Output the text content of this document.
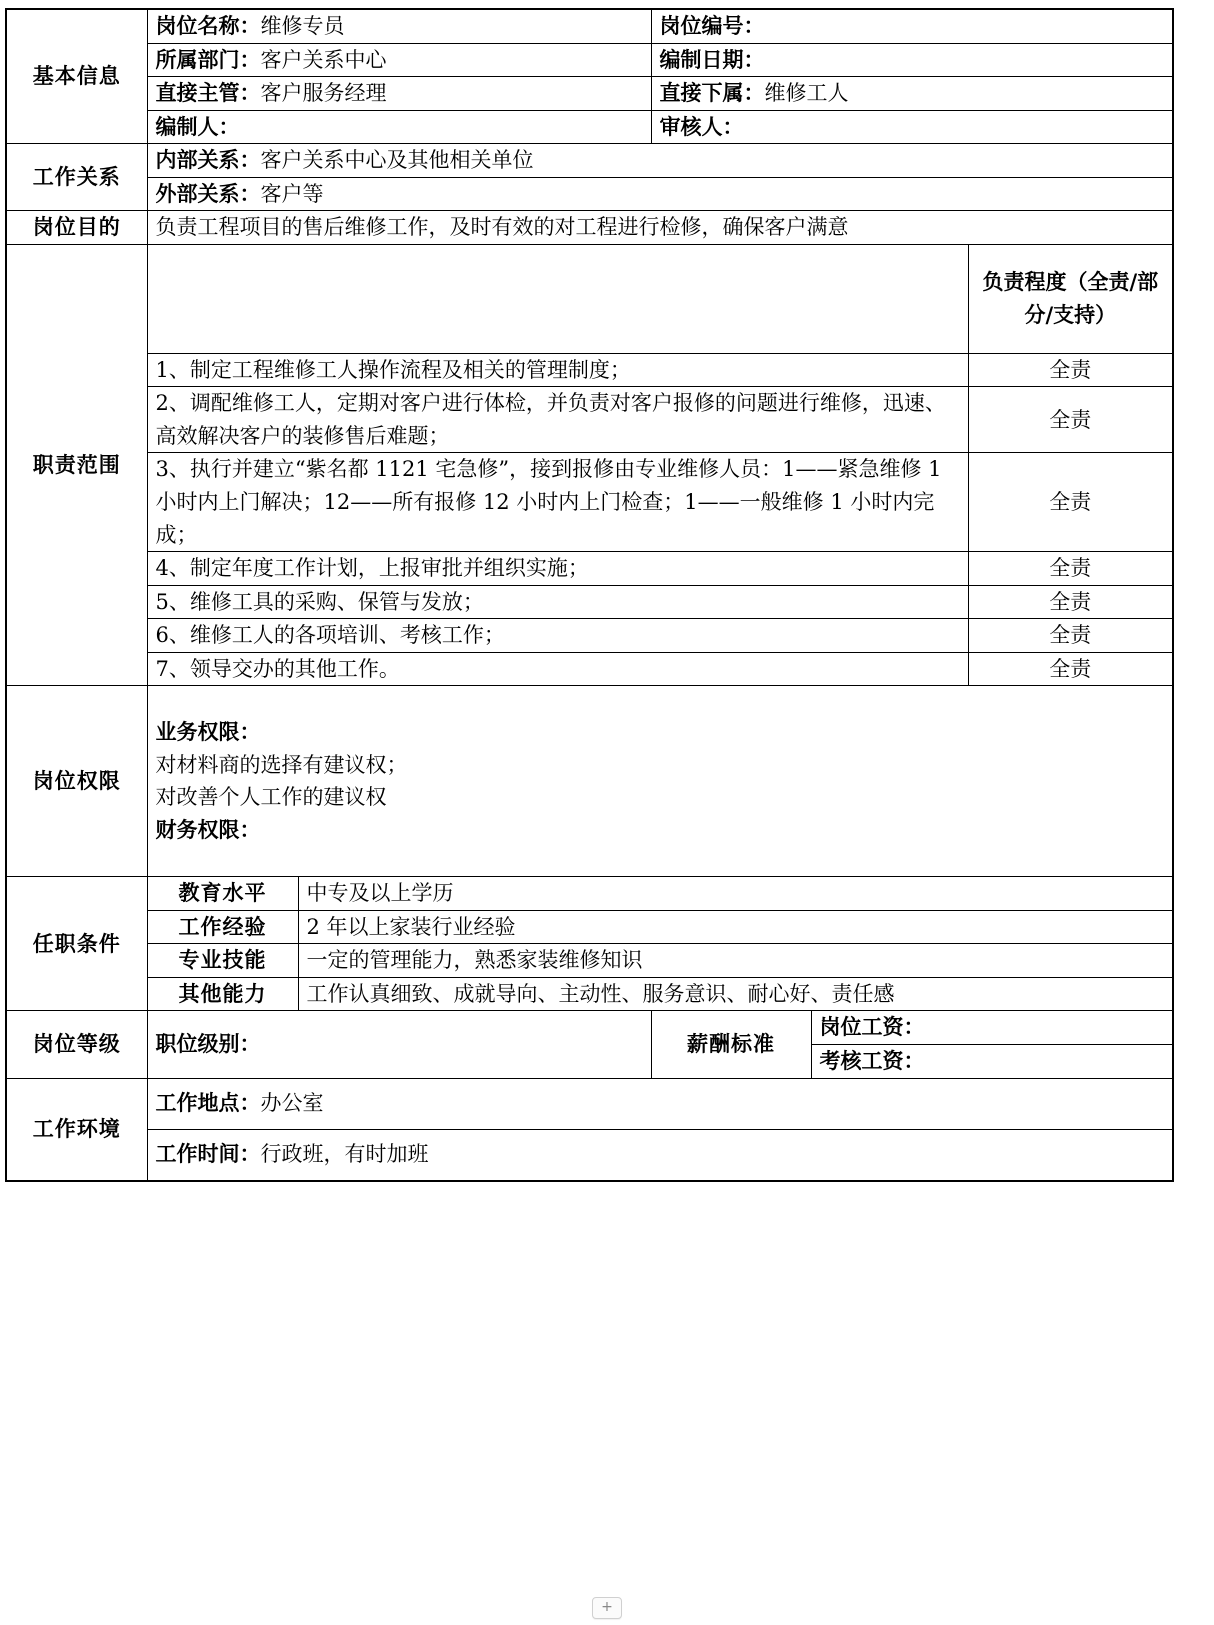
基本信息	岗位名称：维修专员		岗位编号：		
	所属部门：客户关系中心		编制日期：		
	直接主管：客户服务经理		直接下属：维修工人		
	编制人：		审核人：		
工作关系	内部关系：客户关系中心及其他相关单位				
	外部关系：客户等				
岗位目的	负责工程项目的售后维修工作，及时有效的对工程进行检修，确保客户满意				
职责范围					负责程度（全责/部分/支持）
	1、制定工程维修工人操作流程及相关的管理制度；				全责
	2、调配维修工人，定期对客户进行体检，并负责对客户报修的问题进行维修，迅速、高效解决客户的装修售后难题；				全责
	3、执行并建立“紫名都 1121 宅急修”，接到报修由专业维修人员：1——紧急维修 1 小时内上门解决；12——所有报修 12 小时内上门检查；1——一般维修 1 小时内完成；				全责
	4、制定年度工作计划，上报审批并组织实施；				全责
	5、维修工具的采购、保管与发放；				全责
	6、维修工人的各项培训、考核工作；				全责
	7、领导交办的其他工作。				全责
岗位权限	业务权限：
对材料商的选择有建议权；
对改善个人工作的建议权
财务权限：				

任职条件	教育水平	中专及以上学历			
	工作经验	2 年以上家装行业经验			
	专业技能	一定的管理能力，熟悉家装维修知识			
	其他能力	工作认真细致、成就导向、主动性、服务意识、耐心好、责任感			
岗位等级	职位级别：		薪酬标准	岗位工资：	
				考核工资：	
工作环境	工作地点：办公室				
	工作时间：行政班，有时加班				
+
